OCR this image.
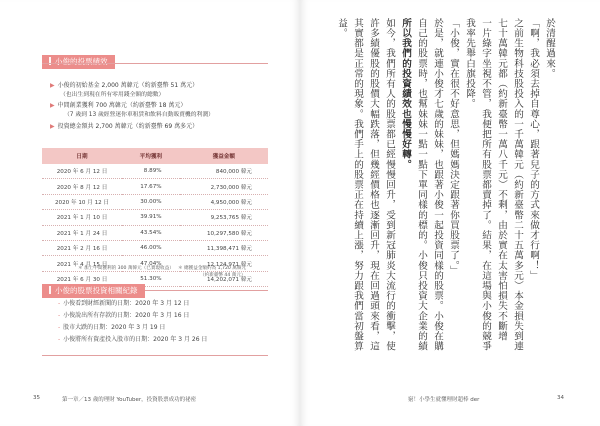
小俊的投票績效
▶ 小俊的初始基金 2,000 萬韓元（約新臺幣 51 萬元）
（也出生到現在所有零用錢全額的總數）
▶ 中間創業獲利 700 萬韓元（約新臺幣 18 萬元）
（7 歲到 13 歲經營迷你車租賃和飲料自動販賣機的利潤）
▶ 投資總金額共 2,700 萬韓元（約新臺幣 69 萬多元）
日期	平均獲利	獲益金額
2020 年 6 月 12 日	8.89%	840,000 韓元
2020 年 8 月 12 日	17.67%	2,730,000 韓元
2020 年 10 月 12 日	30.00%	4,950,000 韓元
2021 年 1 月 10 日	39.91%	9,253,765 韓元
2021 年 1 月 24 日	43.54%	10,297,580 韓元
2021 年 2 月 16 日	46.00%	11,398,471 韓元
2021 年 4 月 15 日	47.04%	12,124,971 韓元
2021 年 6 月 30 日	51.30%	14,202,071 韓元
＊ 加上中間獲利的 300 萬韓元（已實現收益） ＊ 總獲益金額約為 1,720 萬韓元
（約新臺幣 44 萬元）
小俊的股票投資相關紀錄
- 小俊看到財經新聞的日期：2020 年 3 月 12 日
- 小俊說出所有存款的日期：2020 年 3 月 16 日
- 股市大跌的日期：2020 年 3 月 19 日
- 小俊將所有資產投入股市的日期：2020 年 3 月 26 日
35	第一章／13 歲的理財 YouTuber，投資股票成功的祕密
於清醒過來。
「啊，我必須去掉自尊心，跟著兒子的方式來做才行啊！」
之前生物科技股投入的一千萬韓元（約新臺幣二十五萬多元）本金損失到連
七十萬韓元都（約新臺幣一萬八千元）不剩，由於實在太害怕損失不斷增
一片綠字坐視不管，我便把所有股票都賣掉了。結果，在這場與小俊的競爭
我率先舉白旗投降。
「小俊，實在很不好意思，但媽媽決定跟著你買股票了。」
於是，就連小俊才七歲的妹妹，也跟著小俊一起投資同樣的股票。小俊在購
自己的股票時，也幫妹妹一點一點下單同樣的標的。小俊只投資大企業的績
所以我們的投資績效也慢慢好轉。
如今，我們所有人的股票都已經慢慢回升，受到新冠肺炎大流行的衝擊，使
許多績優股的股價大幅跌落，但幾經價格也逐漸回升，現在回過頭來看，這
其實都是正常的現象。我們手上的股票正在持續上漲，努力跟我們當初盤算
益。
窮！小學生就懂理財超棒 der	34
